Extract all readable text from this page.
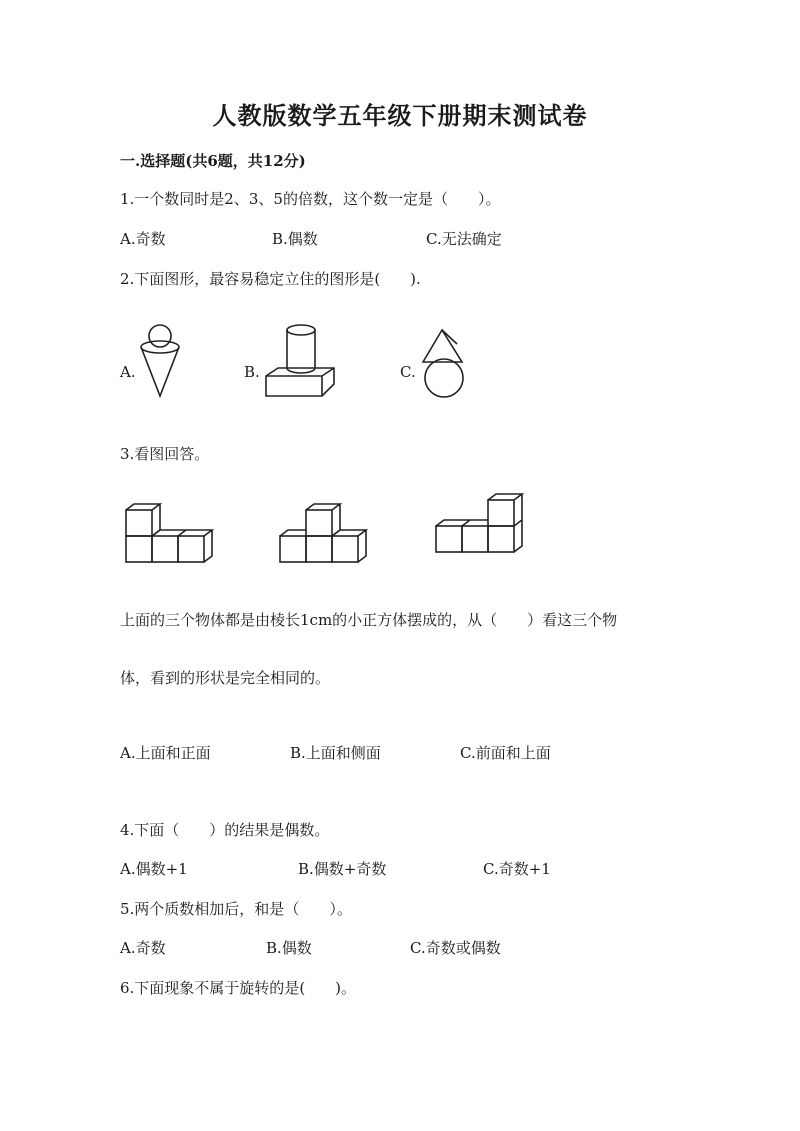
人教版数学五年级下册期末测试卷
一.选择题(共6题，共12分)
1.一个数同时是2、3、5的倍数，这个数一定是（　　）。
A.奇数	B.偶数	C.无法确定
2.下面图形，最容易稳定立住的图形是(　　).
A.	B.	C.
3.看图回答。
上面的三个物体都是由棱长1cm的小正方体摆成的，从（　　）看这三个物
体，看到的形状是完全相同的。
A.上面和正面	B.上面和侧面	C.前面和上面
4.下面（　　）的结果是偶数。
A.偶数+1	B.偶数+奇数	C.奇数+1
5.两个质数相加后，和是（　　）。
A.奇数	B.偶数	C.奇数或偶数
6.下面现象不属于旋转的是(　　)。
